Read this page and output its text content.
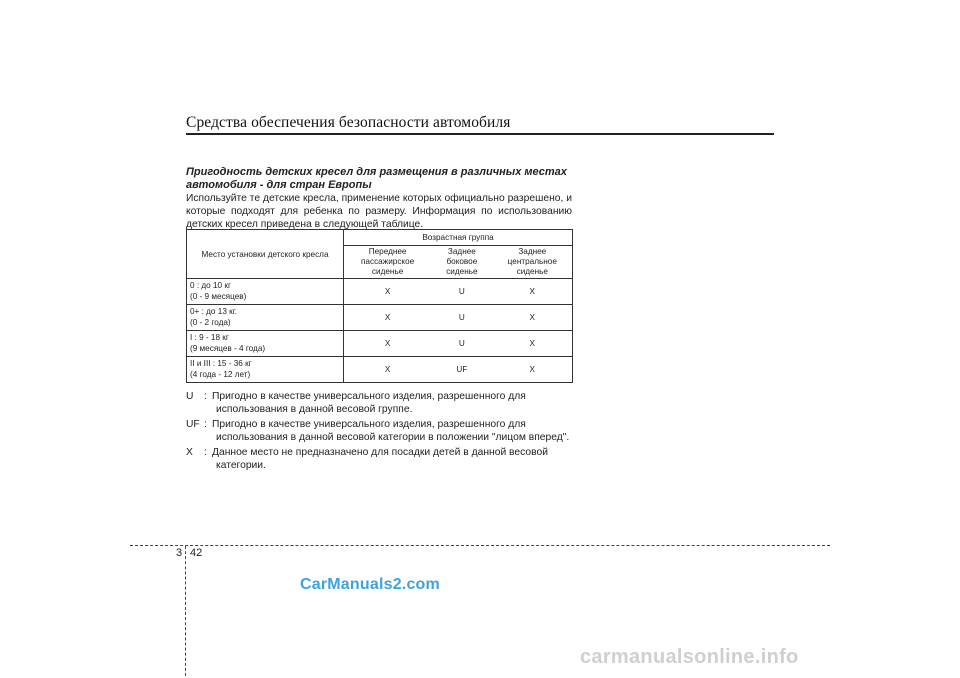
Средства обеспечения безопасности автомобиля
Пригодность детских кресел для размещения в различных местах автомобиля - для стран Европы
Используйте те детские кресла, применение которых официально разрешено, и которые подходят для ребенка по размеру. Информация по использованию детских кресел приведена в следующей таблице.
Место установки детского кресла	Возрастная группа		
	Переднее пассажирское сиденье	Заднее боковое сиденье	Заднее центральное сиденье
0 : до 10 кг
(0 - 9 месяцев)	X	U	X
0+ : до 13 кг.
(0 - 2 года)	X	U	X
I : 9 - 18 кг
(9 месяцев - 4 года)	X	U	X
II и III : 15 - 36 кг
(4 года - 12 лет)	X	UF	X
U	: Пригодно в качестве универсального изделия, разрешенного для
использования в данной весовой группе.
UF : Пригодно в качестве универсального изделия, разрешенного для
использования в данной весовой категории в положении "лицом вперед".
X	: Данное место не предназначено для посадки детей в данной весовой
категории.
3 42
CarManuals2.com
carmanualsonline.info
